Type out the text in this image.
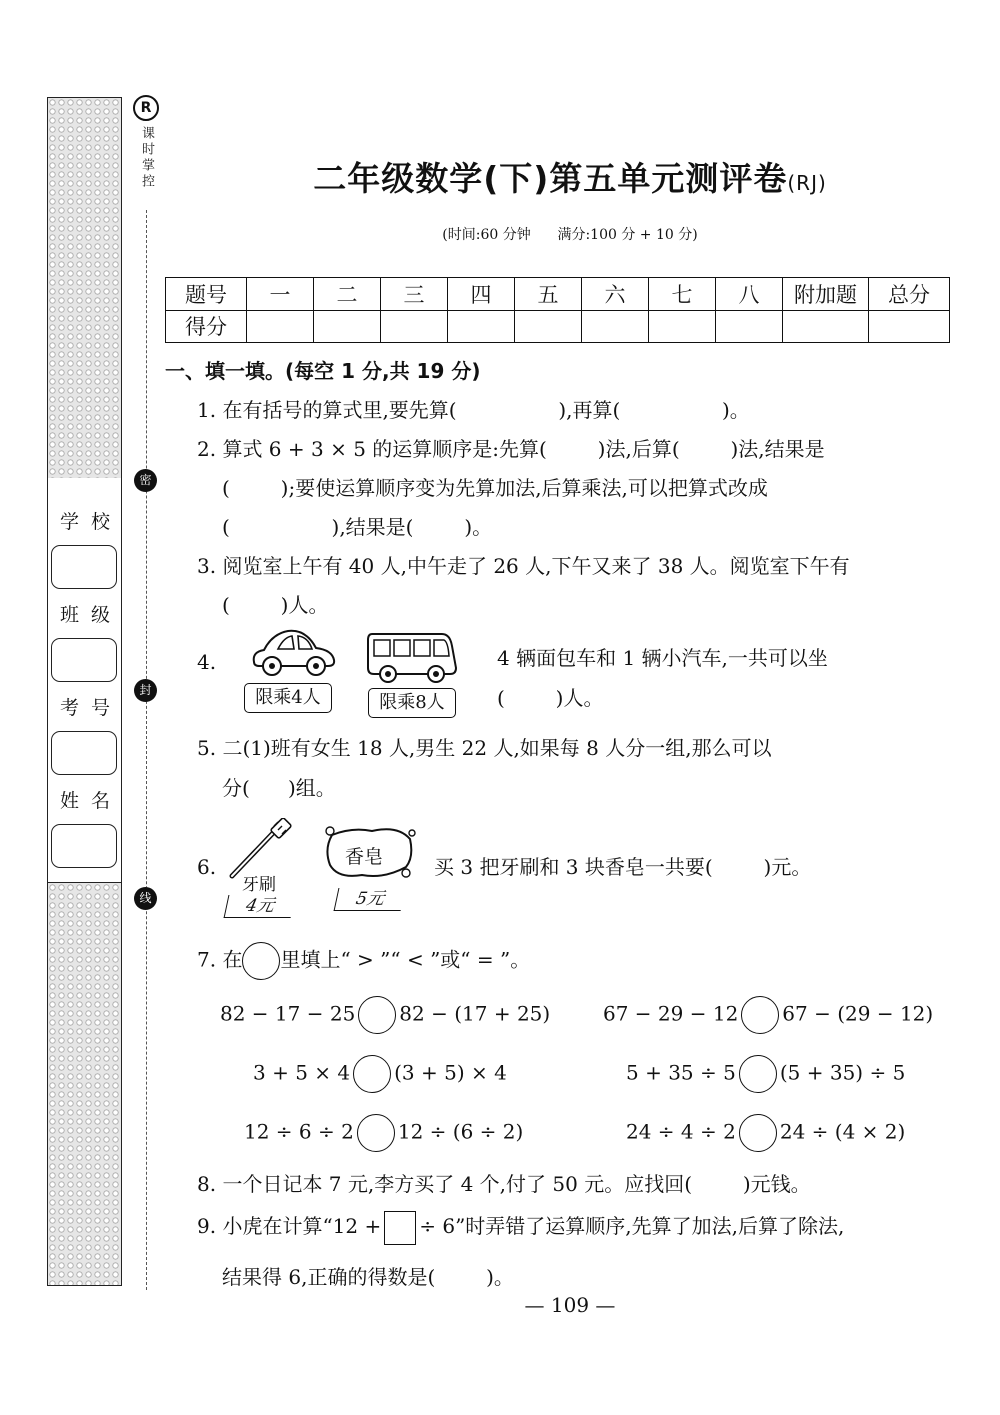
学校
班级
考号
姓名
R
课时掌控
密
封
线
二年级数学(下)第五单元测评卷(RJ)
(时间:60 分钟      满分:100 分 + 10 分)
题号	一	二	三	四	五	六	七	八	附加题	总分
得分										
一、填一填。(每空 1 分,共 19 分)
1. 在有括号的算式里,要先算(                ),再算(                )。
2. 算式 6 + 3 × 5 的运算顺序是:先算(        )法,后算(        )法,结果是
(        );要使运算顺序变为先算加法,后算乘法,可以把算式改成
(                ),结果是(        )。
3. 阅览室上午有 40 人,中午走了 26 人,下午又来了 38 人。阅览室下午有
(        )人。
4.
限乘4人	限乘8人
4 辆面包车和 1 辆小汽车,一共可以坐
(        )人。
5. 二(1)班有女生 18 人,男生 22 人,如果每 8 人分一组,那么可以
分(      )组。
6.
牙刷
4元
香皂
5元
买 3 把牙刷和 3 块香皂一共要(        )元。
7. 在 里填上“ > ”“ < ”或“ = ”。
82 − 17 − 25 82 − (17 + 25)	67 − 29 − 12 67 − (29 − 12)
3 + 5 × 4 (3 + 5) × 4	5 + 35 ÷ 5 (5 + 35) ÷ 5
12 ÷ 6 ÷ 2 12 ÷ (6 ÷ 2)	24 ÷ 4 ÷ 2 24 ÷ (4 × 2)
8. 一个日记本 7 元,李方买了 4 个,付了 50 元。应找回(        )元钱。
9. 小虎在计算“12 + ÷ 6”时弄错了运算顺序,先算了加法,后算了除法,
结果得 6,正确的得数是(        )。
— 109 —
